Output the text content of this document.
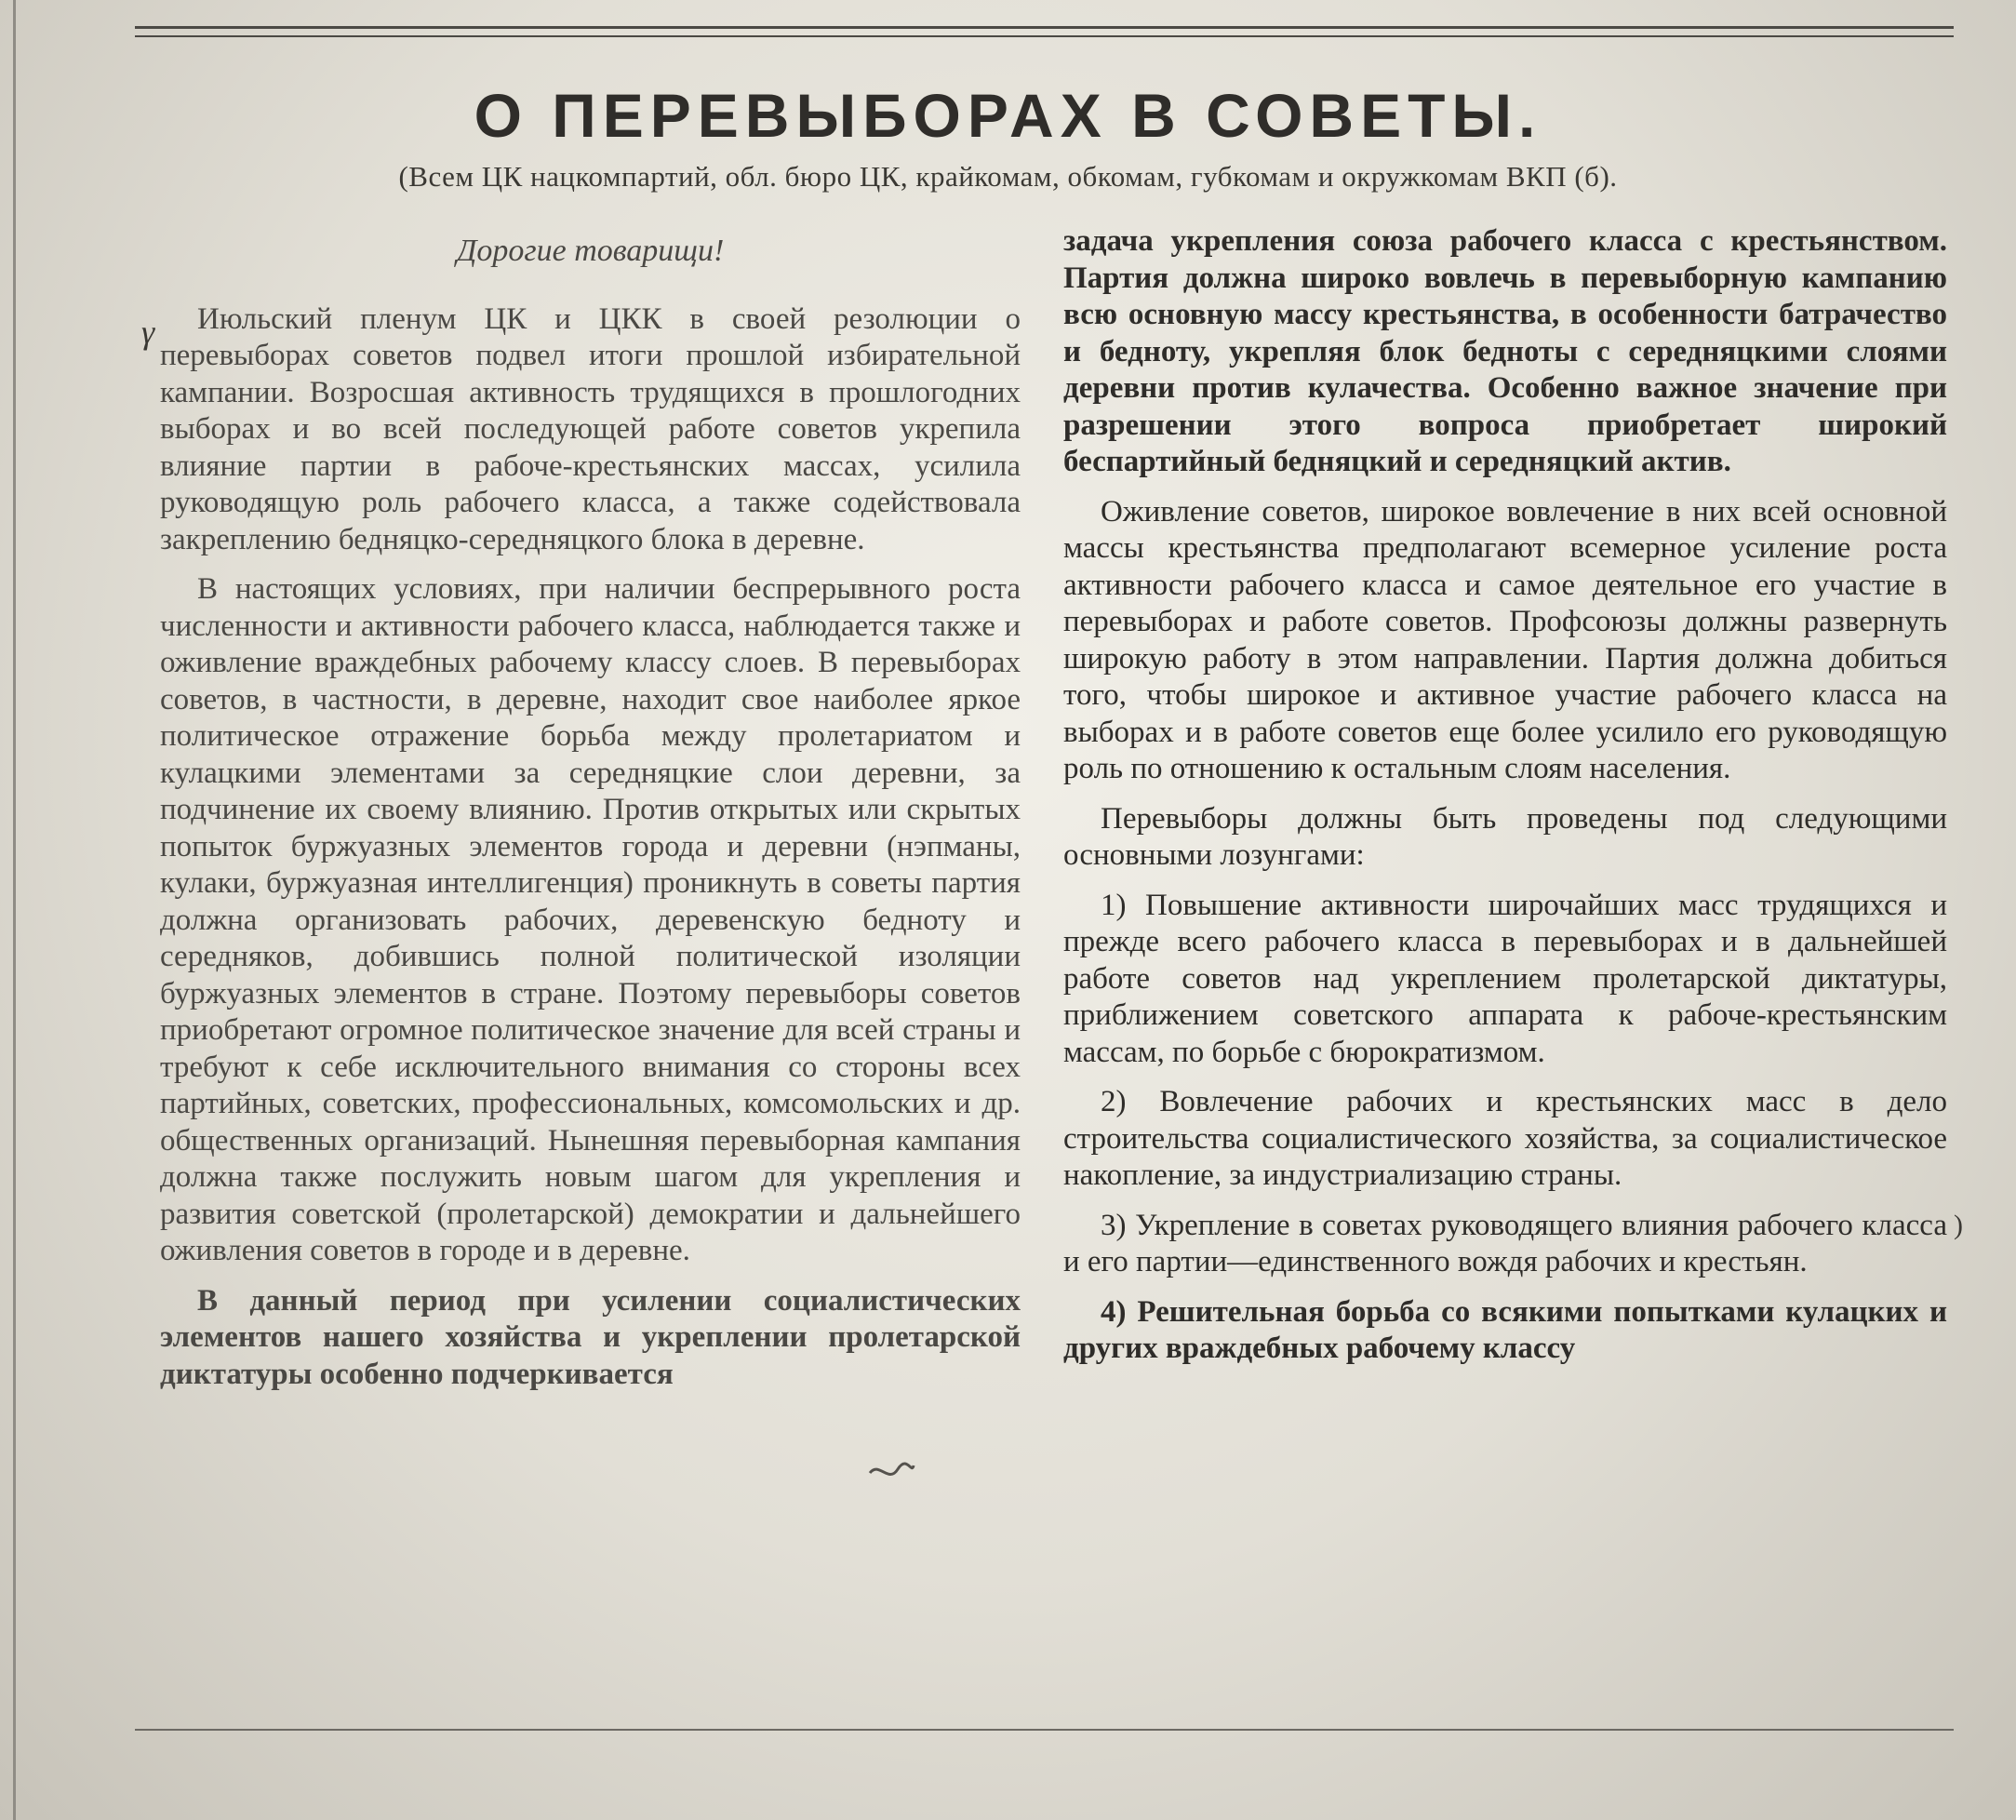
О ПЕРЕВЫБОРАХ В СОВЕТЫ.
(Всем ЦК нацкомпартий, обл. бюро ЦК, крайкомам, обкомам, губкомам и окружкомам ВКП (б).
γ
Дорогие товарищи!

Июльский пленум ЦК и ЦКК в своей резолюции о перевыборах советов подвел итоги прошлой избирательной кампании. Возросшая активность трудящихся в прошлогодних выборах и во всей последующей работе советов укрепила влияние партии в рабоче-крестьянских массах, усилила руководящую роль рабочего класса, а также содействовала закреплению бедняцко-середняцкого блока в деревне.

В настоящих условиях, при наличии беспрерывного роста численности и активности рабочего класса, наблюдается также и оживление враждебных рабочему классу слоев. В перевыборах советов, в частности, в деревне, находит свое наиболее яркое политическое отражение борьба между пролетариатом и кулацкими элементами за середняцкие слои деревни, за подчинение их своему влиянию. Против открытых или скрытых попыток буржуазных элементов города и деревни (нэпманы, кулаки, буржуазная интеллигенция) проникнуть в советы партия должна организовать рабочих, деревенскую бедноту и середняков, добившись полной политической изоляции буржуазных элементов в стране. Поэтому перевыборы советов приобретают огромное политическое значение для всей страны и требуют к себе исключительного внимания со стороны всех партийных, советских, профессиональных, комсомольских и др. общественных организаций. Нынешняя перевыборная кампания должна также послужить новым шагом для укрепления и развития советской (пролетарской) демократии и дальнейшего оживления советов в городе и в деревне.

В данный период при усилении социалистических элементов нашего хозяйства и укреплении пролетарской диктатуры особенно подчеркивается

задача укрепления союза рабочего класса с крестьянством. Партия должна широко вовлечь в перевыборную кампанию всю основную массу крестьянства, в особенности батрачество и бедноту, укрепляя блок бедноты с середняцкими слоями деревни против кулачества. Особенно важное значение при разрешении этого вопроса приобретает широкий беспартийный бедняцкий и середняцкий актив.

Оживление советов, широкое вовлечение в них всей основной массы крестьянства предполагают всемерное усиление роста активности рабочего класса и самое деятельное его участие в перевыборах и работе советов. Профсоюзы должны развернуть широкую работу в этом направлении. Партия должна добиться того, чтобы широкое и активное участие рабочего класса на выборах и в работе советов еще более усилило его руководящую роль по отношению к остальным слоям населения.

Перевыборы должны быть проведены под следующими основными лозунгами:

1) Повышение активности широчайших масс трудящихся и прежде всего рабочего класса в перевыборах и в дальнейшей работе советов над укреплением пролетарской диктатуры, приближением советского аппарата к рабоче-крестьянским массам, по борьбе с бюрократизмом.

2) Вовлечение рабочих и крестьянских масс в дело строительства социалистического хозяйства, за социалистическое накопление, за индустриализацию страны.

3) Укрепление в советах руководящего влияния рабочего класса и его партии—единственного вождя рабочих и крестьян.

4) Решительная борьба со всякими попытками кулацких и других враждебных рабочему классу

)
